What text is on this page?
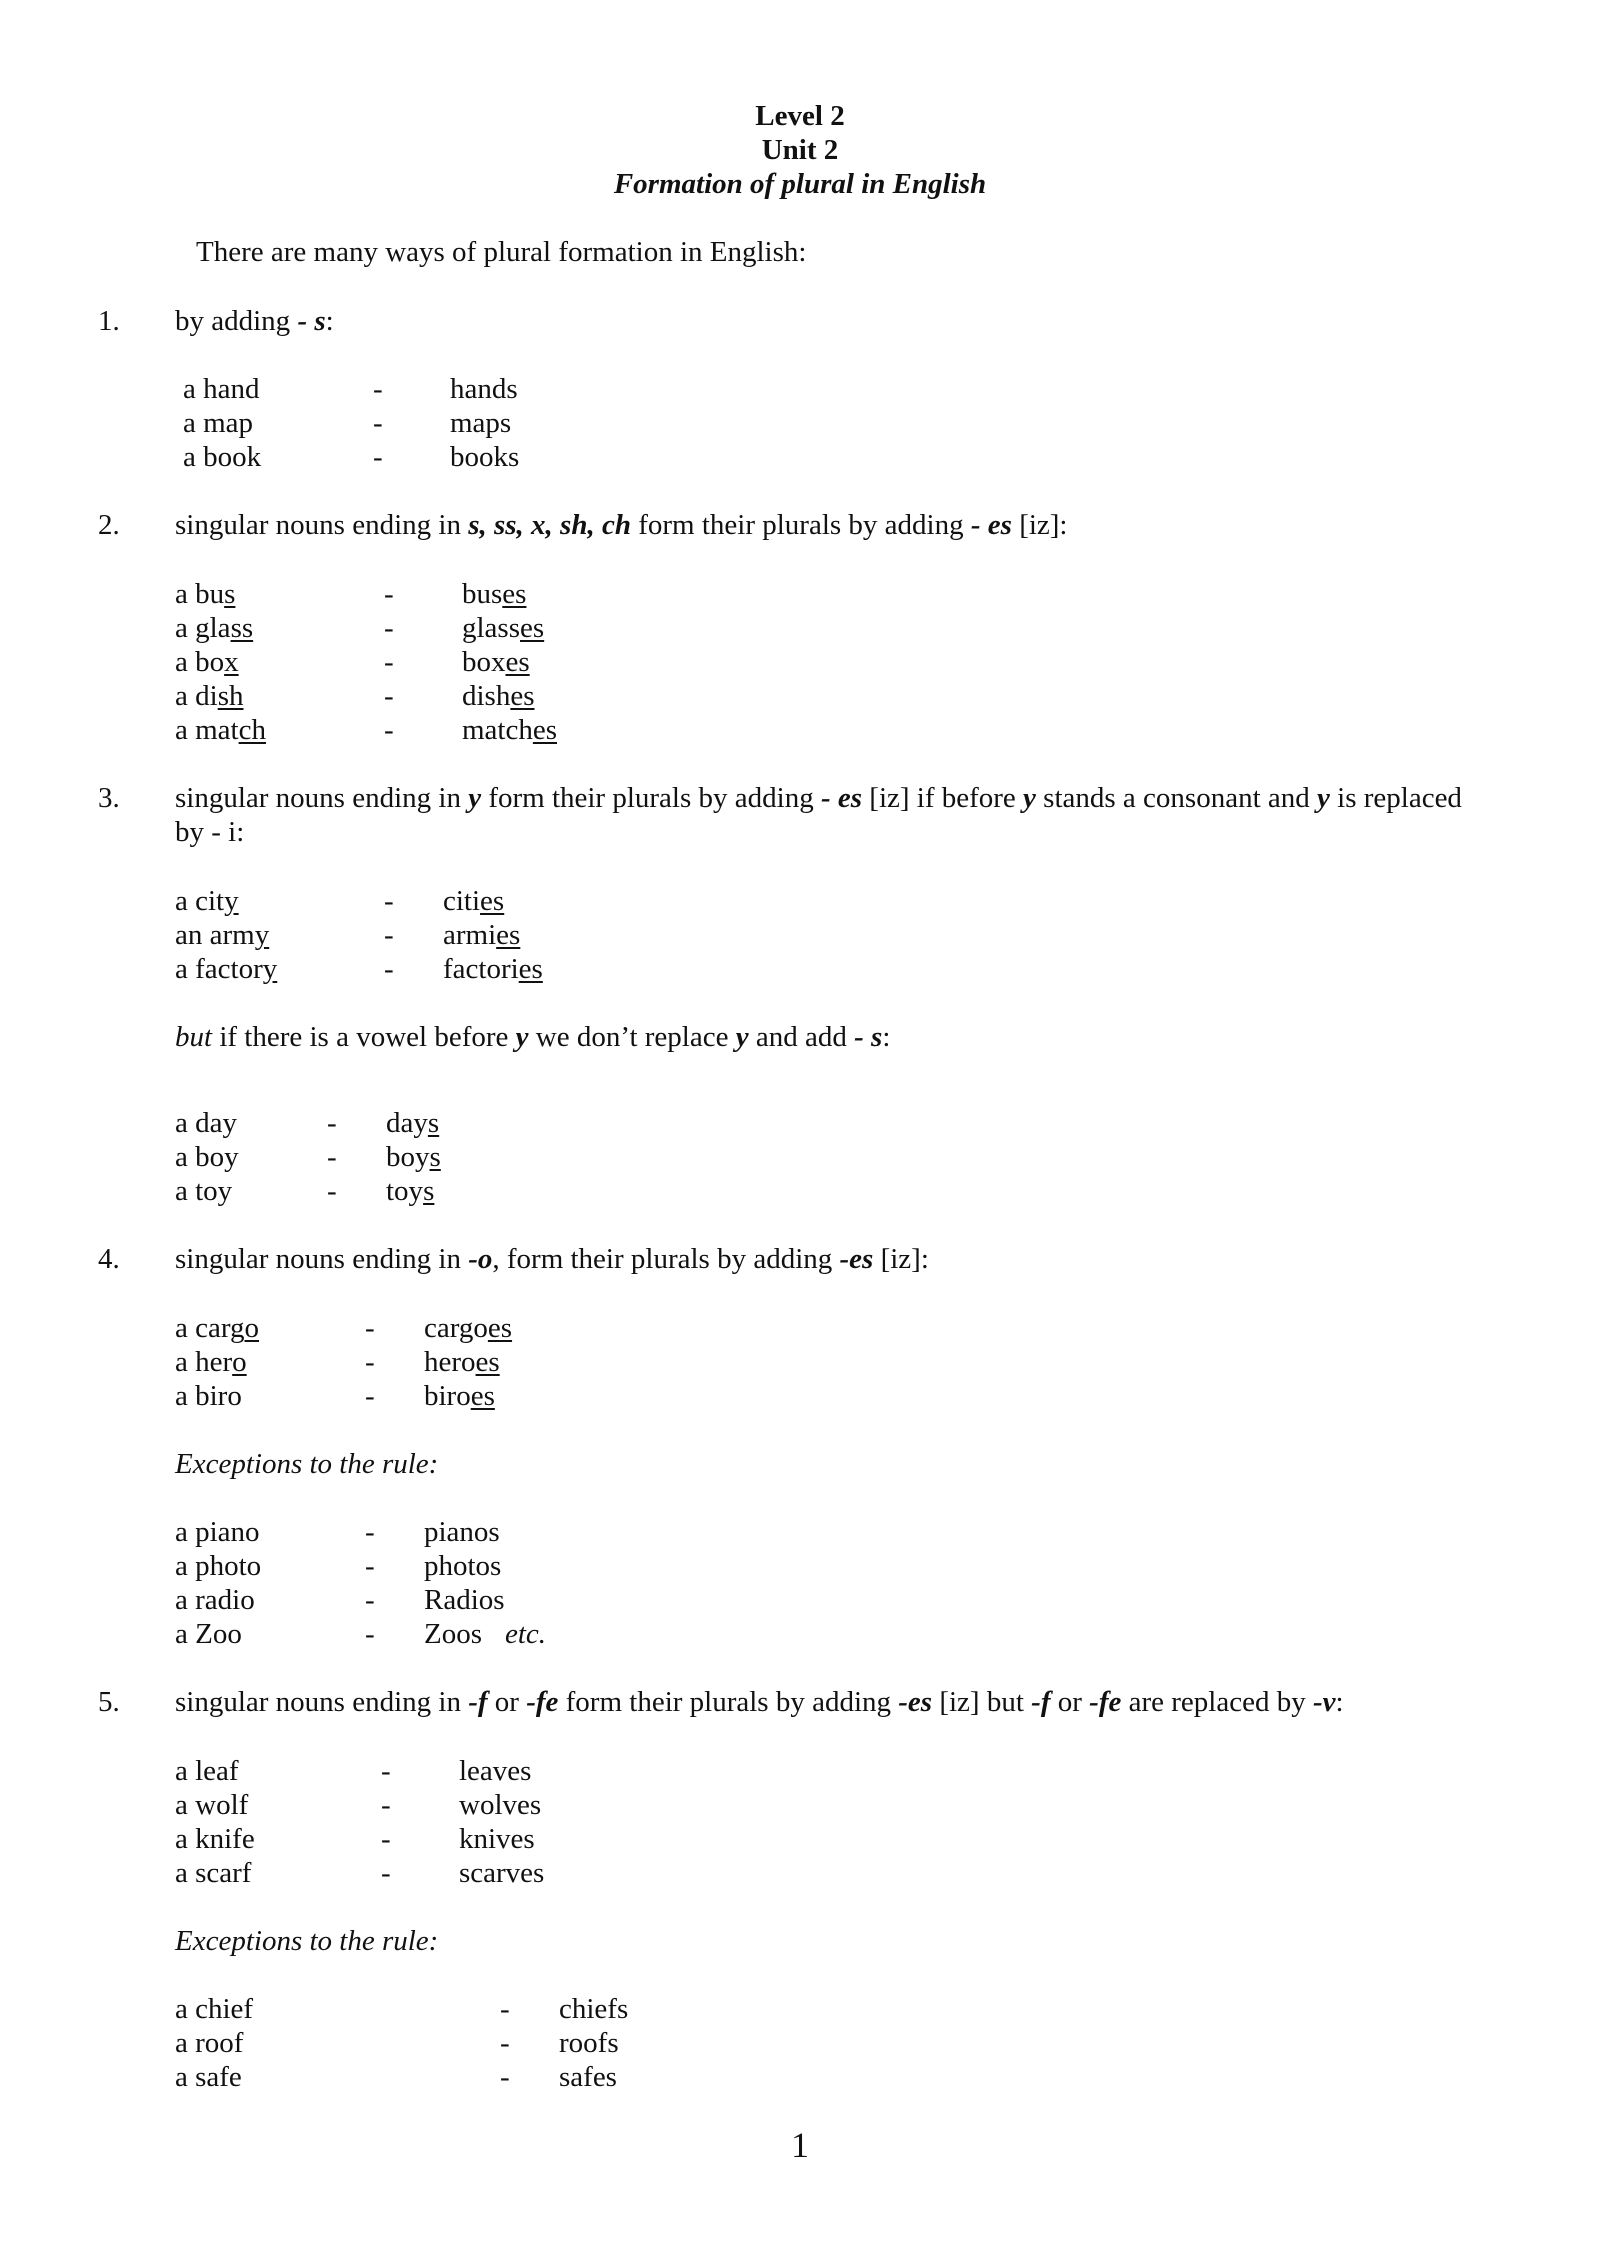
Level 2
Unit 2
Formation of plural in English
There are many ways of plural formation in English:
1. by adding - s:
a hand	- hands
a map	- maps
a book	- books
2. singular nouns ending in s, ss, x, sh, ch form their plurals by adding - es [iz]:
a bus	- buses
a glass	- glasses
a box	- boxes
a dish	- dishes
a match	- matches
3. singular nouns ending in y form their plurals by adding - es [iz] if before y stands a consonant and y is replaced
by - i:
a city	- cities
an army	- armies
a factory	- factories
but if there is a vowel before y we don’t replace y and add - s:
a day	- days
a boy	- boys
a toy	- toys
4. singular nouns ending in -o, form their plurals by adding -es [iz]:
a cargo	- cargoes
a hero	- heroes
a biro	- biroes
Exceptions to the rule:
a piano	- pianos
a photo	- photos
a radio	- Radios
a Zoo	- Zoos etc.
5. singular nouns ending in -f or -fe form their plurals by adding -es [iz] but -f or -fe are replaced by -v:
a leaf	- leaves
a wolf	- wolves
a knife	- knives
a scarf	- scarves
Exceptions to the rule:
a chief	- chiefs
a roof	- roofs
a safe	- safes
1
